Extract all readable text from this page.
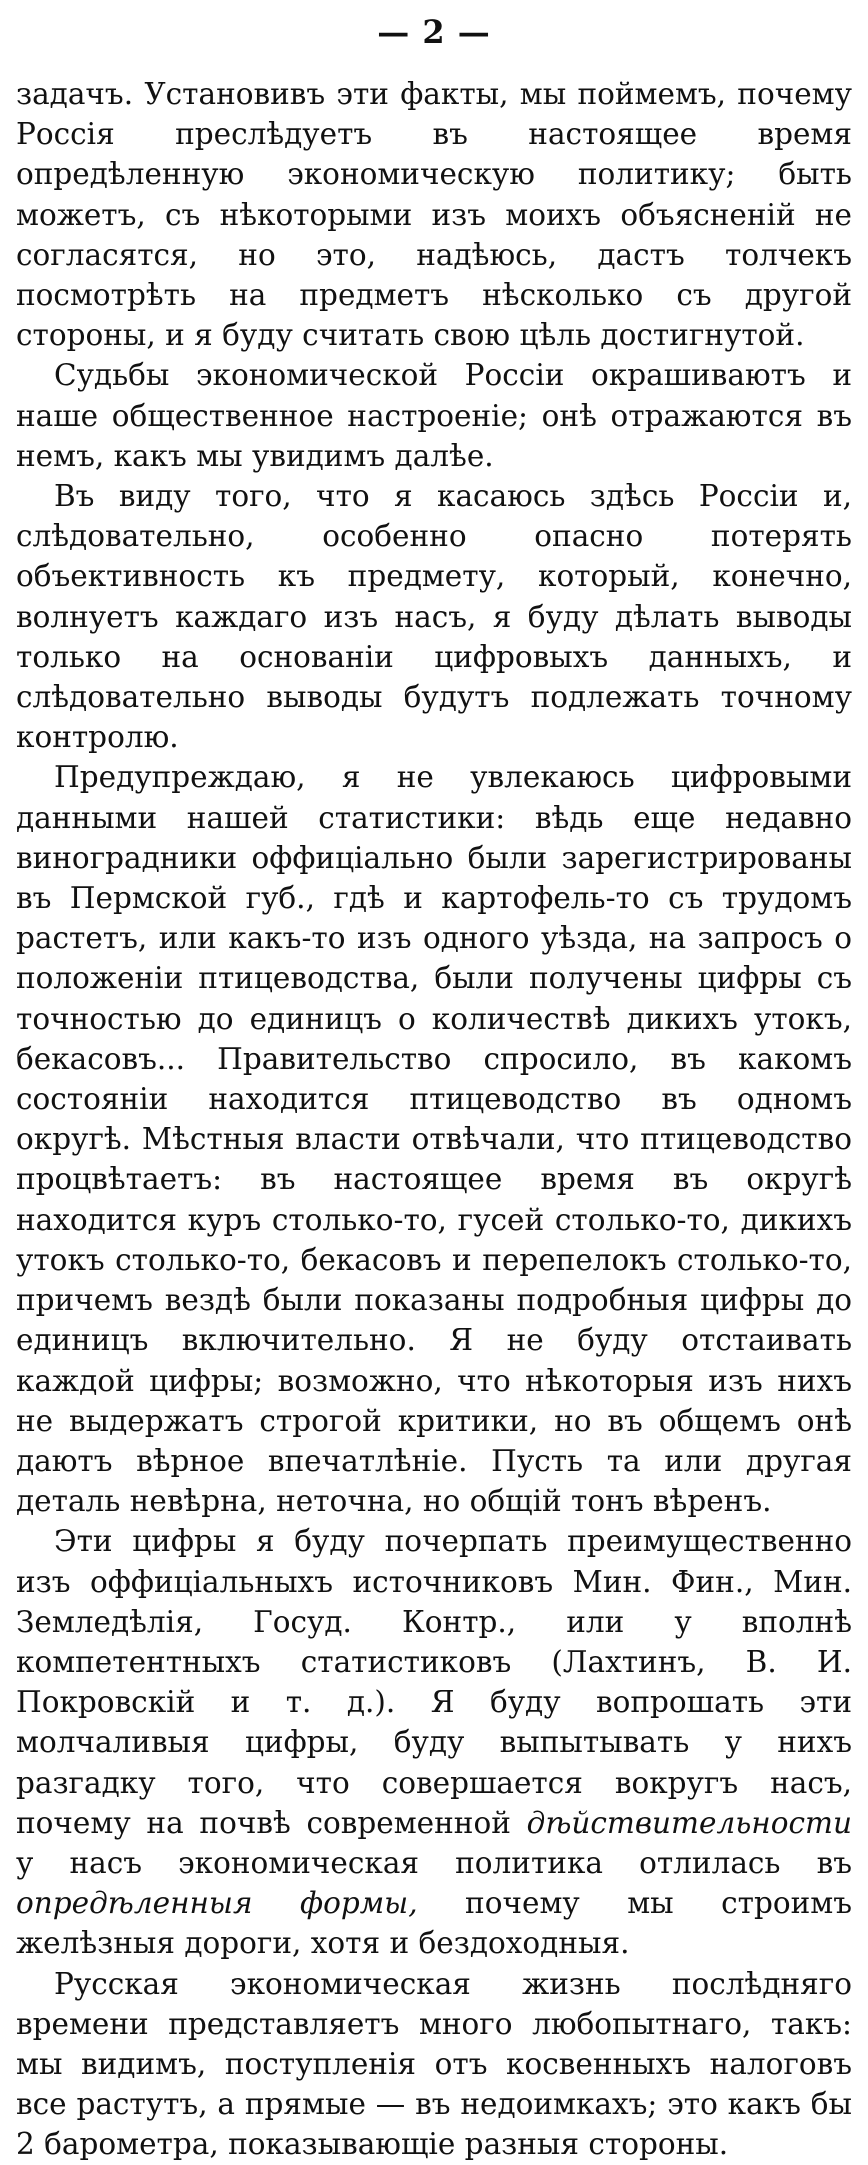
— 2 —

задачъ. Установивъ эти факты, мы поймемъ, почему Россія преслѣдуетъ въ настоящее время опредѣленную экономическую политику; быть можетъ, съ нѣкоторыми изъ моихъ объясненій не согласятся, но это, надѣюсь, дастъ толчекъ посмотрѣть на предметъ нѣсколько съ другой стороны, и я буду считать свою цѣль достигнутой.

Судьбы экономической Россіи окрашиваютъ и наше общественное настроеніе; онѣ отражаются въ немъ, какъ мы увидимъ далѣе.

Въ виду того, что я касаюсь здѣсь Россіи и, слѣдовательно, особенно опасно потерять объективность къ предмету, который, конечно, волнуетъ каждаго изъ насъ, я буду дѣлать выводы только на основаніи цифровыхъ данныхъ, и слѣдовательно выводы будутъ подлежать точному контролю.

Предупреждаю, я не увлекаюсь цифровыми данными нашей статистики: вѣдь еще недавно виноградники оффиціально были зарегистрированы въ Пермской губ., гдѣ и картофель-то съ трудомъ растетъ, или какъ-то изъ одного уѣзда, на запросъ о положеніи птицеводства, были получены цифры съ точностью до единицъ о количествѣ дикихъ утокъ, бекасовъ... Правительство спросило, въ какомъ состояніи находится птицеводство въ одномъ округѣ. Мѣстныя власти отвѣчали, что птицеводство процвѣтаетъ: въ настоящее время въ округѣ находится куръ столько-то, гусей столько-то, дикихъ утокъ столько-то, бекасовъ и перепелокъ столько-то, причемъ вездѣ были показаны подробныя цифры до единицъ включительно. Я не буду отстаивать каждой цифры; возможно, что нѣкоторыя изъ нихъ не выдержатъ строгой критики, но въ общемъ онѣ даютъ вѣрное впечатлѣніе. Пусть та или другая деталь невѣрна, неточна, но общій тонъ вѣренъ.

Эти цифры я буду почерпать преимущественно изъ оффиціальныхъ источниковъ Мин. Фин., Мин. Земледѣлія, Госуд. Контр., или у вполнѣ компетентныхъ статистиковъ (Лахтинъ, В. И. Покровскій и т. д.). Я буду вопрошать эти молчаливыя цифры, буду выпытывать у нихъ разгадку того, что совершается вокругъ насъ, почему на почвѣ современной дѣйствительности у насъ экономическая политика отлилась въ опредѣленныя формы, почему мы строимъ желѣзныя дороги, хотя и бездоходныя.

Русская экономическая жизнь послѣдняго времени представляетъ много любопытнаго, такъ: мы видимъ, поступленія отъ косвенныхъ налоговъ все растутъ, а прямые — въ недоимкахъ; это какъ бы 2 барометра, показывающіе разныя стороны.
